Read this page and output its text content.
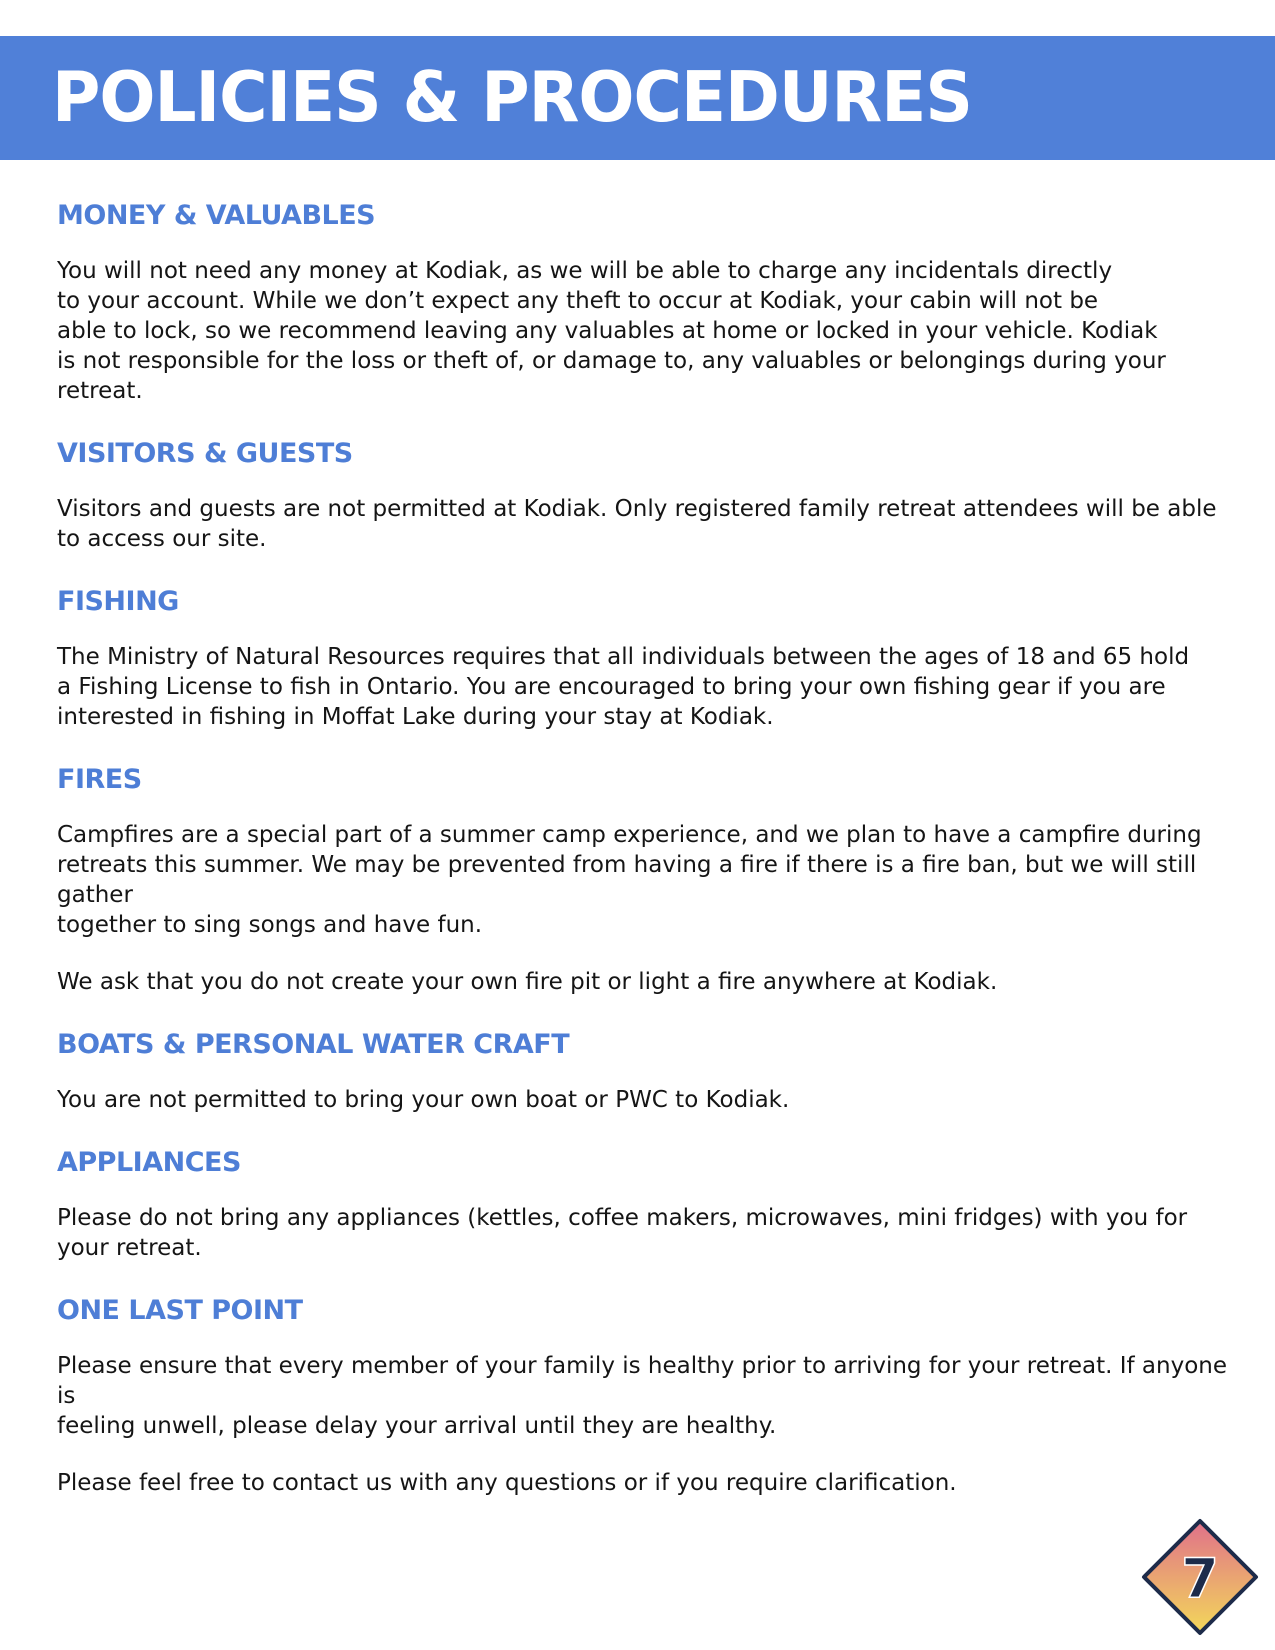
POLICIES & PROCEDURES
MONEY & VALUABLES

You will not need any money at Kodiak, as we will be able to charge any incidentals directly
to your account. While we don’t expect any theft to occur at Kodiak, your cabin will not be
able to lock, so we recommend leaving any valuables at home or locked in your vehicle. Kodiak
is not responsible for the loss or theft of, or damage to, any valuables or belongings during your retreat.

VISITORS & GUESTS

Visitors and guests are not permitted at Kodiak. Only registered family retreat attendees will be able
to access our site.

FISHING

The Ministry of Natural Resources requires that all individuals between the ages of 18 and 65 hold
a Fishing License to fish in Ontario. You are encouraged to bring your own fishing gear if you are
interested in fishing in Moffat Lake during your stay at Kodiak.

FIRES

Campfires are a special part of a summer camp experience, and we plan to have a campfire during
retreats this summer. We may be prevented from having a fire if there is a fire ban, but we will still gather
together to sing songs and have fun.

We ask that you do not create your own fire pit or light a fire anywhere at Kodiak.

BOATS & PERSONAL WATER CRAFT

You are not permitted to bring your own boat or PWC to Kodiak.

APPLIANCES

Please do not bring any appliances (kettles, coffee makers, microwaves, mini fridges) with you for
your retreat.

ONE LAST POINT

Please ensure that every member of your family is healthy prior to arriving for your retreat. If anyone is
feeling unwell, please delay your arrival until they are healthy.

Please feel free to contact us with any questions or if you require clarification.

7
